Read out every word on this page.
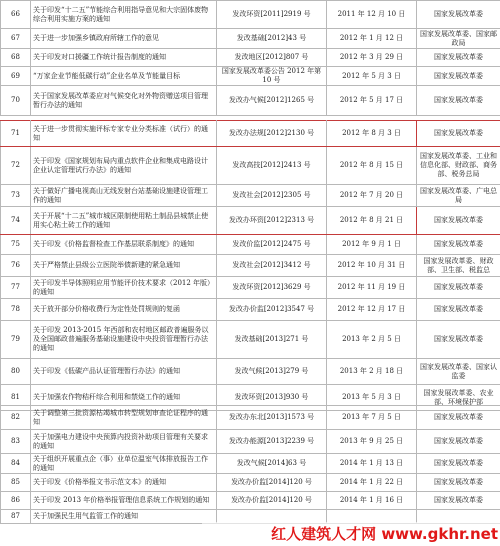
66	关于印发“十二五”节能综合利用指导意见和大宗固体废物综合利用实施方案的通知	发改环资[2011]2919 号	2011 年 12 月 10 日	国家发展改革委
67	关于进一步加强乡镇政府所辖工作的意见	发改基础[2012]43 号	2012 年 1 月 12 日	国家发展改革委、国家邮政局
68	关于印发对口援疆工作统计报告制度的通知	发改地区[2012]807 号	2012 年 3 月 29 日	国家发展改革委
69	“万家企业节能低碳行动”企业名单及节能量目标	国家发展改革委公告 2012 年第 10 号	2012 年 5 月 3 日	国家发展改革委
70	关于国家发展改革委应对气候变化对外物资赠送项目管理暂行办法的通知	发改办气候[2012]1265 号	2012 年 5 月 17 日	国家发展改革委
71	关于进一步贯彻实施评标专家专业分类标准（试行）的通知	发改办法规[2012]2130 号	2012 年 8 月 3 日	国家发展改革委
72	关于印发《国家规划布局内重点软件企业和集成电路设计企业认定管理试行办法》的通知	发改高技[2012]2413 号	2012 年 8 月 15 日	国家发展改革委、工业和信息化部、财政部、商务部、税务总局
73	关于做好广播电视高山无线发射台站基础设施建设管理工作的通知	发改社会[2012]2305 号	2012 年 7 月 20 日	国家发展改革委、广电总局
74	关于开展“十二五”城市城区限制使用粘土制品县城禁止使用实心粘土砖工作的通知	发改办环资[2012]2313 号	2012 年 8 月 21 日	国家发展改革委
75	关于印发《价格监督检查工作基层联系制度》的通知	发改价监[2012]2475 号	2012 年 9 月 1 日	国家发展改革委
76	关于严格禁止县级公立医院举债新建的紧急通知	发改社会[2012]3412 号	2012 年 10 月 31 日	国家发展改革委、财政部、卫生部、税监总
77	关于印发半导体照明应用节能评价技术要求（2012 年版）的通知	发改环资[2012]3629 号	2012 年 11 月 19 日	国家发展改革委
78	关于放开部分价格收费行为定性处罚规则的复函	发改办价监[2012]3547 号	2012 年 12 月 17 日	国家发展改革委
79	关于印发 2013-2015 年西部和农村地区邮政普遍服务以及全国邮政普遍服务基础设施建设中央投资管理暂行办法的通知	发改基础[2013]271 号	2013 年 2 月 5 日	国家发展改革委
80	关于印发《低碳产品认证管理暂行办法》的通知	发改气候[2013]279 号	2013 年 2 月 18 日	国家发展改革委、国家认监委
81	关于加强农作物秸秆综合利用和禁烧工作的通知	发改环资[2013]930 号	2013 年 5 月 3 日	国家发展改革委、农业部、环境保护部
82	关于调整第三批资源枯竭城市转型规划审查论证程序的通知	发改办东北[2013]1573 号	2013 年 7 月 5 日	国家发展改革委
83	关于加强电力建设中央预算内投资补助项目管理有关要求的通知	发改办能源[2013]2239 号	2013 年 9 月 25 日	国家发展改革委
84	关于组织开展重点企（事）业单位温室气体排放报告工作的通知	发改气候[2014]63 号	2014 年 1 月 13 日	国家发展改革委
85	关于印发《价格举报文书示范文本》的通知	发改办价监[2014]120 号	2014 年 1 月 22 日	国家发展改革委
86	关于印发 2013 年价格举报管理信息系统工作规划的通知	发改办价监[2014]120 号	2014 年 1 月 16 日	国家发展改革委
87	关于加强民生用气监管工作的通知			
红人建筑人才网 www.gkhr.net
